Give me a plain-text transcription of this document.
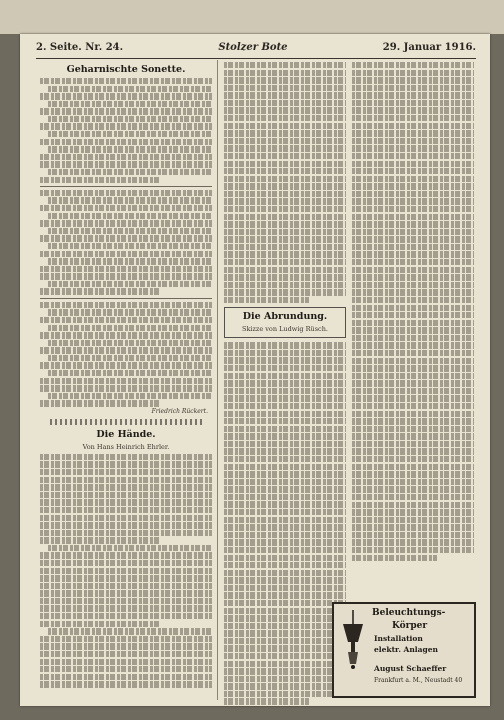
2. Seite. Nr. 24.	Stolzer Bote	29. Januar 1916.
Geharnischte Sonette.
Friedrich Rückert.
Die Hände.
Von Hans Heinrich Ehrler.
Die Abrundung.
Skizze von Ludwig Rüsch.
Beleuchtungs-
Körper
Installation
elektr. Anlagen
August Schaeffer
Frankfurt a. M., Neustadt 40
